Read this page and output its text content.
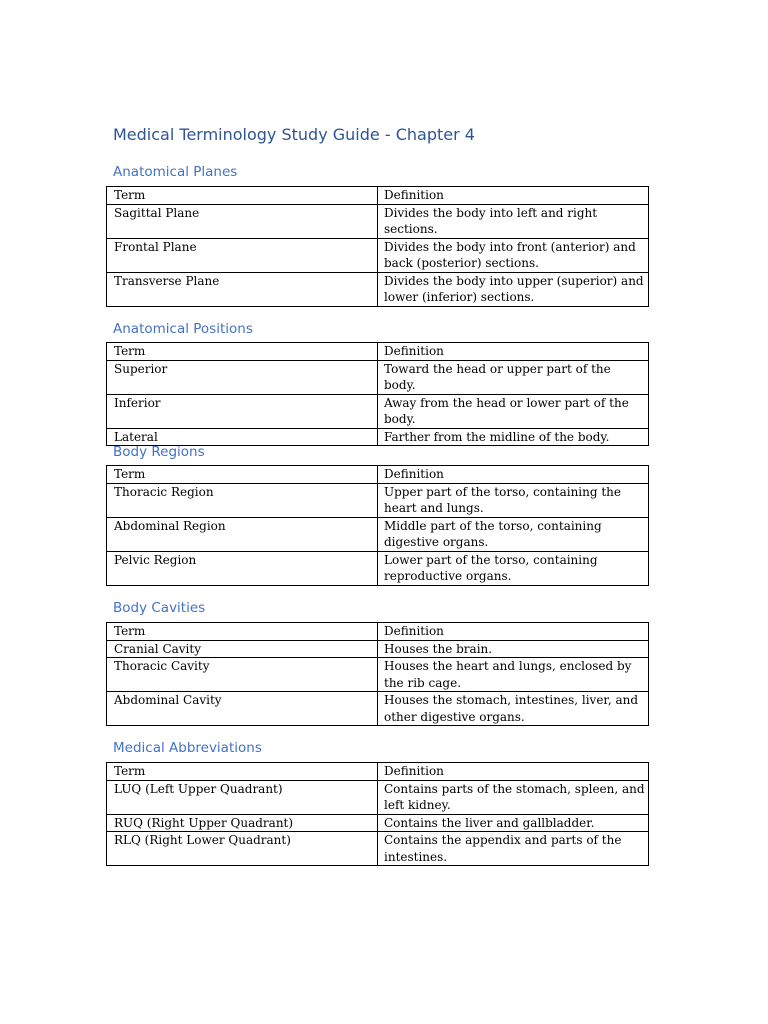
Medical Terminology Study Guide - Chapter 4
Anatomical Planes
Term	Definition
Sagittal Plane	Divides the body into left and right sections.
Frontal Plane	Divides the body into front (anterior) and back (posterior) sections.
Transverse Plane	Divides the body into upper (superior) and lower (inferior) sections.
Anatomical Positions
Term	Definition
Superior	Toward the head or upper part of the body.
Inferior	Away from the head or lower part of the body.
Lateral	Farther from the midline of the body.
Body Regions
Term	Definition
Thoracic Region	Upper part of the torso, containing the heart and lungs.
Abdominal Region	Middle part of the torso, containing digestive organs.
Pelvic Region	Lower part of the torso, containing reproductive organs.
Body Cavities
Term	Definition
Cranial Cavity	Houses the brain.
Thoracic Cavity	Houses the heart and lungs, enclosed by the rib cage.
Abdominal Cavity	Houses the stomach, intestines, liver, and other digestive organs.
Medical Abbreviations
Term	Definition
LUQ (Left Upper Quadrant)	Contains parts of the stomach, spleen, and left kidney.
RUQ (Right Upper Quadrant)	Contains the liver and gallbladder.
RLQ (Right Lower Quadrant)	Contains the appendix and parts of the intestines.
